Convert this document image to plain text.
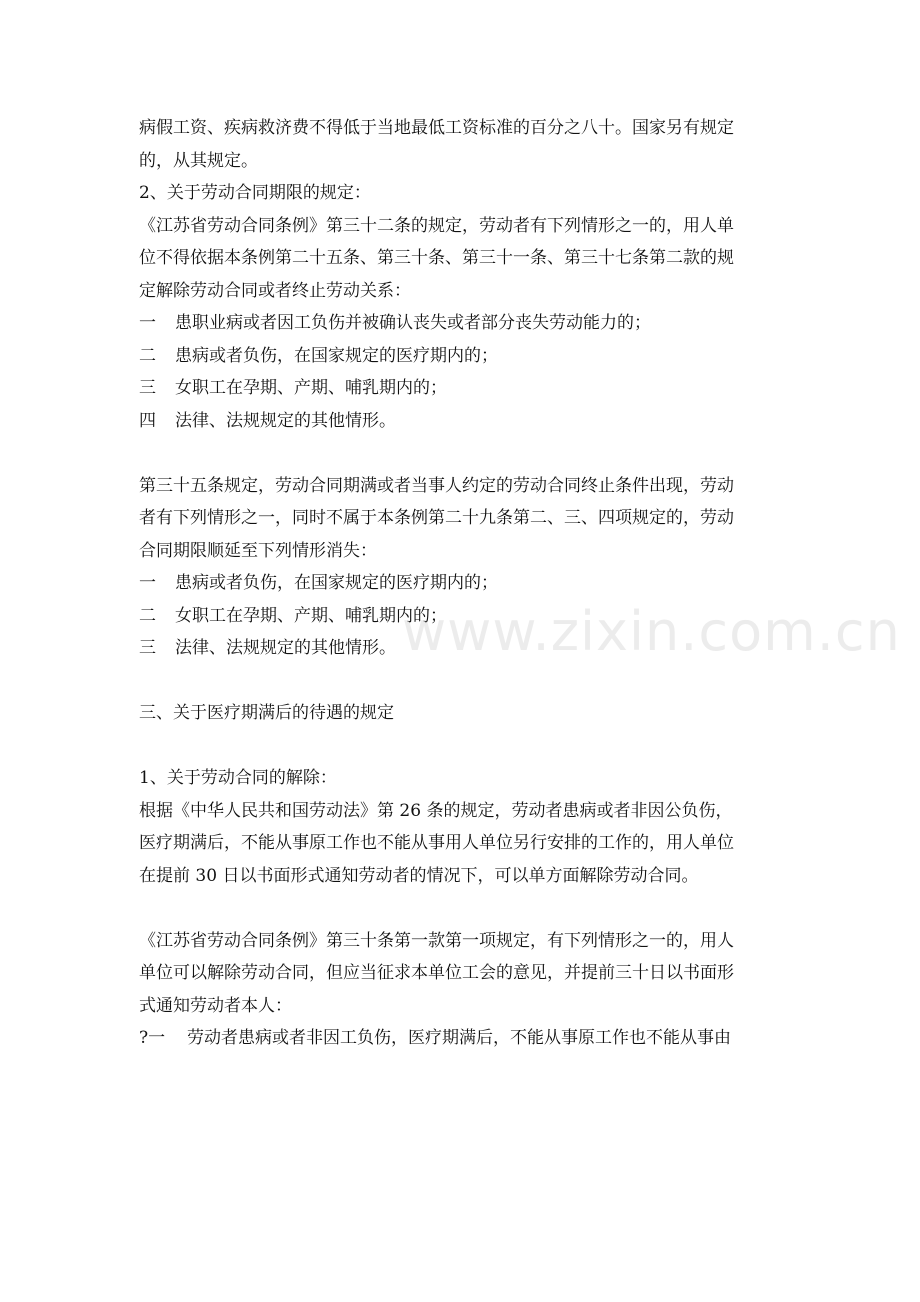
病假工资、疾病救济费不得低于当地最低工资标准的百分之八十。国家另有规定
的，从其规定。
2、关于劳动合同期限的规定：
《江苏省劳动合同条例》第三十二条的规定，劳动者有下列情形之一的，用人单
位不得依据本条例第二十五条、第三十条、第三十一条、第三十七条第二款的规
定解除劳动合同或者终止劳动关系：
一 患职业病或者因工负伤并被确认丧失或者部分丧失劳动能力的；
二 患病或者负伤，在国家规定的医疗期内的；
三 女职工在孕期、产期、哺乳期内的；
四 法律、法规规定的其他情形。
第三十五条规定，劳动合同期满或者当事人约定的劳动合同终止条件出现，劳动
者有下列情形之一，同时不属于本条例第二十九条第二、三、四项规定的，劳动
合同期限顺延至下列情形消失：
一 患病或者负伤，在国家规定的医疗期内的；
二 女职工在孕期、产期、哺乳期内的；
三 法律、法规规定的其他情形。
三、关于医疗期满后的待遇的规定
1、关于劳动合同的解除：
根据《中华人民共和国劳动法》第 26 条的规定，劳动者患病或者非因公负伤，
医疗期满后，不能从事原工作也不能从事用人单位另行安排的工作的，用人单位
在提前 30 日以书面形式通知劳动者的情况下，可以单方面解除劳动合同。
《江苏省劳动合同条例》第三十条第一款第一项规定，有下列情形之一的，用人
单位可以解除劳动合同，但应当征求本单位工会的意见，并提前三十日以书面形
式通知劳动者本人：
?一 劳动者患病或者非因工负伤，医疗期满后，不能从事原工作也不能从事由
www.zixin.com.cn
